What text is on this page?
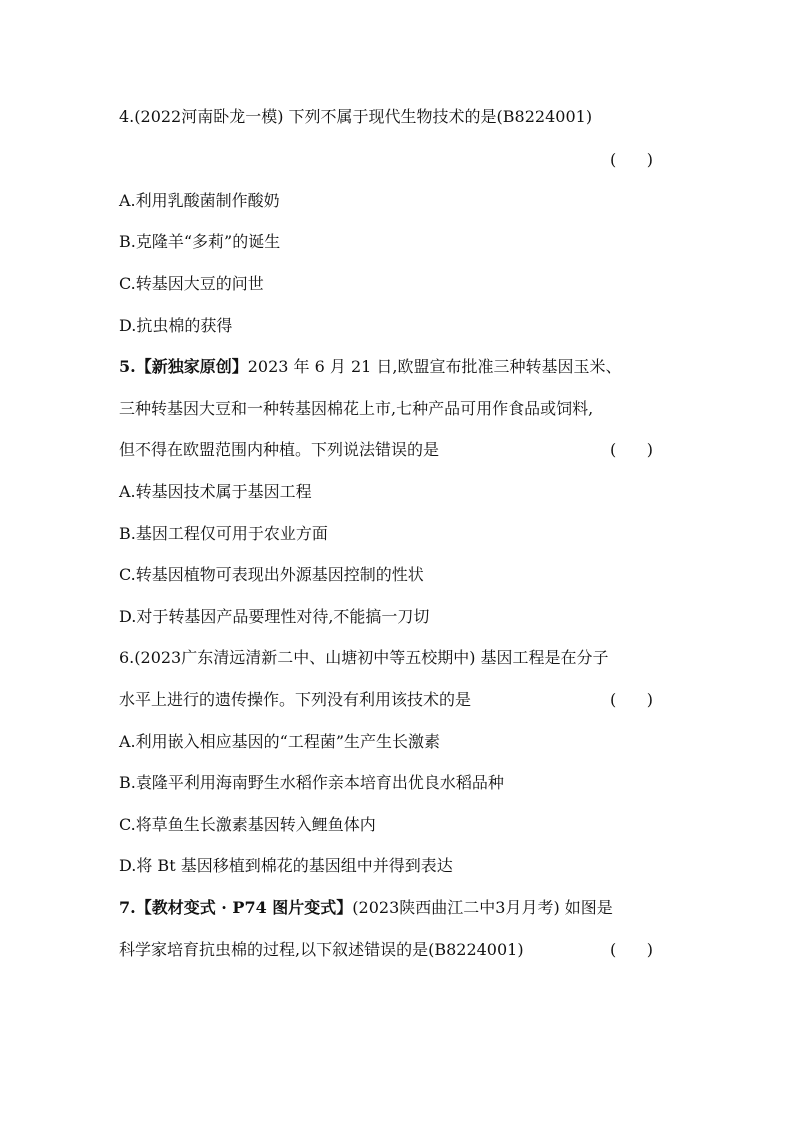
4.(2022河南卧龙一模) 下列不属于现代生物技术的是(B8224001)
(      )
A.利用乳酸菌制作酸奶
B.克隆羊“多莉”的诞生
C.转基因大豆的问世
D.抗虫棉的获得
5.【新独家原创】2023 年 6 月 21 日,欧盟宣布批准三种转基因玉米、
三种转基因大豆和一种转基因棉花上市,七种产品可用作食品或饲料,
但不得在欧盟范围内种植。下列说法错误的是	(      )
A.转基因技术属于基因工程
B.基因工程仅可用于农业方面
C.转基因植物可表现出外源基因控制的性状
D.对于转基因产品要理性对待,不能搞一刀切
6.(2023广东清远清新二中、山塘初中等五校期中) 基因工程是在分子
水平上进行的遗传操作。下列没有利用该技术的是	(      )
A.利用嵌入相应基因的“工程菌”生产生长激素
B.袁隆平利用海南野生水稻作亲本培育出优良水稻品种
C.将草鱼生长激素基因转入鲤鱼体内
D.将 Bt 基因移植到棉花的基因组中并得到表达
7.【教材变式 · P74 图片变式】(2023陕西曲江二中3月月考) 如图是
科学家培育抗虫棉的过程,以下叙述错误的是(B8224001)	(      )
